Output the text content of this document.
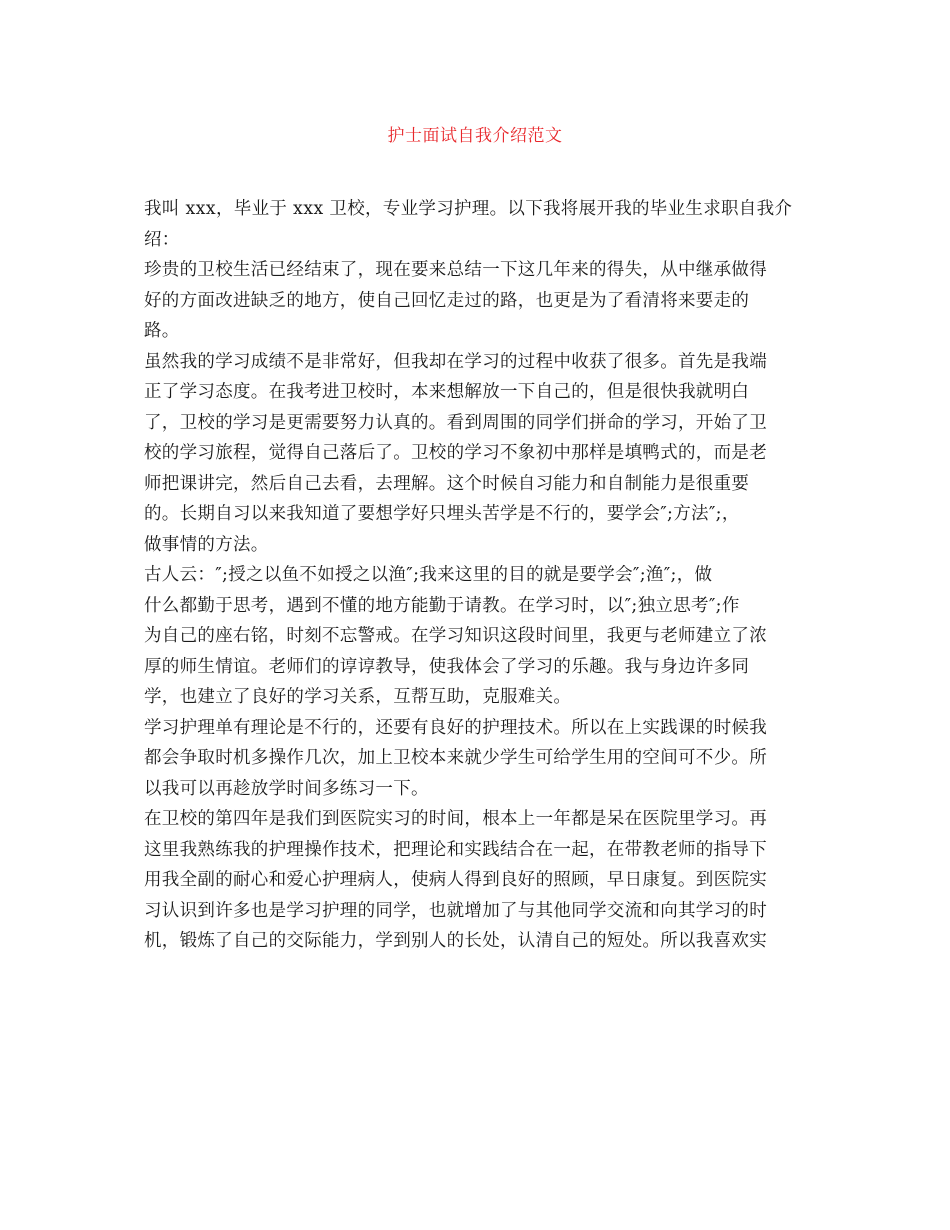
护士面试自我介绍范文
我叫 xxx，毕业于 xxx 卫校，专业学习护理。以下我将展开我的毕业生求职自我介
绍：
珍贵的卫校生活已经结束了，现在要来总结一下这几年来的得失，从中继承做得
好的方面改进缺乏的地方，使自己回忆走过的路，也更是为了看清将来要走的
路。
虽然我的学习成绩不是非常好，但我却在学习的过程中收获了很多。首先是我端
正了学习态度。在我考进卫校时，本来想解放一下自己的，但是很快我就明白
了，卫校的学习是更需要努力认真的。看到周围的同学们拼命的学习，开始了卫
校的学习旅程，觉得自己落后了。卫校的学习不象初中那样是填鸭式的，而是老
师把课讲完，然后自己去看，去理解。这个时候自习能力和自制能力是很重要
的。长期自习以来我知道了要想学好只埋头苦学是不行的，要学会″;方法″;，
做事情的方法。
古人云：″;授之以鱼不如授之以渔″;我来这里的目的就是要学会″;渔″;，做
什么都勤于思考，遇到不懂的地方能勤于请教。在学习时，以″;独立思考″;作
为自己的座右铭，时刻不忘警戒。在学习知识这段时间里，我更与老师建立了浓
厚的师生情谊。老师们的谆谆教导，使我体会了学习的乐趣。我与身边许多同
学，也建立了良好的学习关系，互帮互助，克服难关。
学习护理单有理论是不行的，还要有良好的护理技术。所以在上实践课的时候我
都会争取时机多操作几次，加上卫校本来就少学生可给学生用的空间可不少。所
以我可以再趁放学时间多练习一下。
在卫校的第四年是我们到医院实习的时间，根本上一年都是呆在医院里学习。再
这里我熟练我的护理操作技术，把理论和实践结合在一起，在带教老师的指导下
用我全副的耐心和爱心护理病人，使病人得到良好的照顾，早日康复。到医院实
习认识到许多也是学习护理的同学，也就增加了与其他同学交流和向其学习的时
机，锻炼了自己的交际能力，学到别人的长处，认清自己的短处。所以我喜欢实
